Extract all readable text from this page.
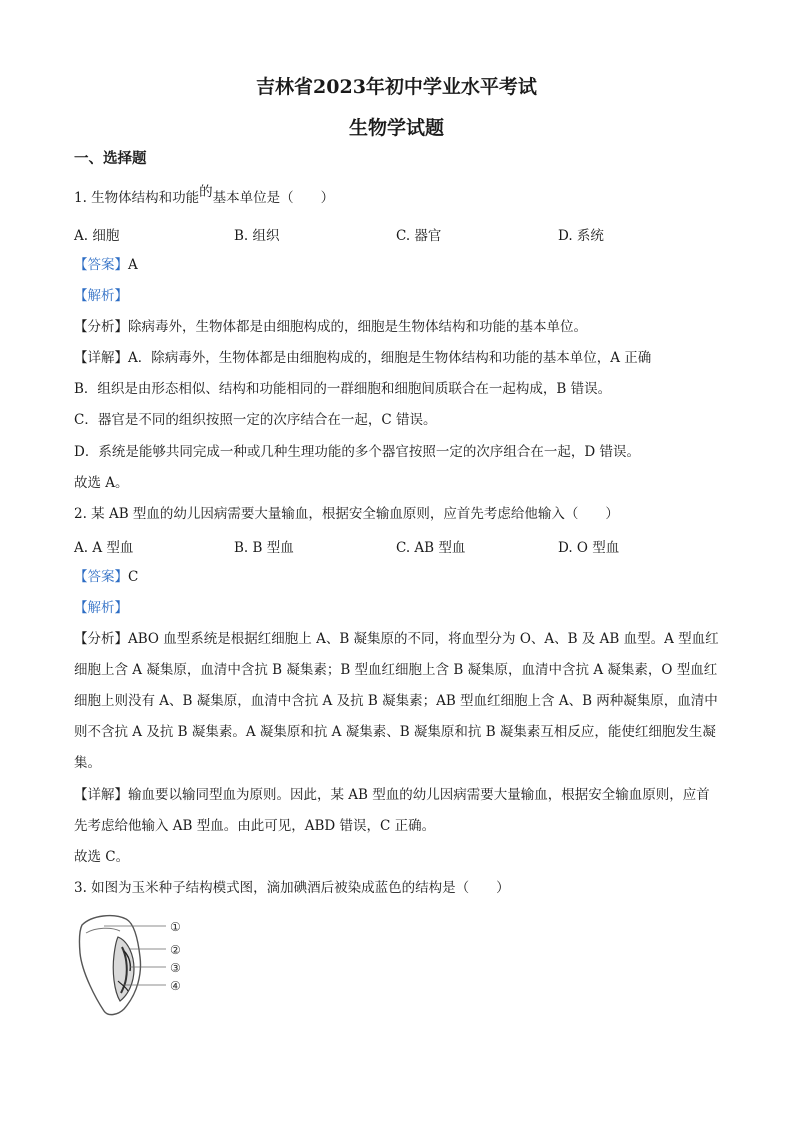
吉林省2023年初中学业水平考试
生物学试题
一、选择题
1. 生物体结构和功能的基本单位是（　　）
A. 细胞	B. 组织	C. 器官	D. 系统
【答案】A
【解析】
【分析】除病毒外，生物体都是由细胞构成的，细胞是生物体结构和功能的基本单位。
【详解】A．除病毒外，生物体都是由细胞构成的，细胞是生物体结构和功能的基本单位，A 正确
B．组织是由形态相似、结构和功能相同的一群细胞和细胞间质联合在一起构成，B 错误。
C．器官是不同的组织按照一定的次序结合在一起，C 错误。
D．系统是能够共同完成一种或几种生理功能的多个器官按照一定的次序组合在一起，D 错误。
故选 A。
2. 某 AB 型血的幼儿因病需要大量输血，根据安全输血原则，应首先考虑给他输入（　　）
A. A 型血	B. B 型血	C. AB 型血	D. O 型血
【答案】C
【解析】
【分析】ABO 血型系统是根据红细胞上 A、B 凝集原的不同，将血型分为 O、A、B 及 AB 血型。A 型血红
细胞上含 A 凝集原，血清中含抗 B 凝集素；B 型血红细胞上含 B 凝集原，血清中含抗 A 凝集素，O 型血红
细胞上则没有 A、B 凝集原，血清中含抗 A 及抗 B 凝集素；AB 型血红细胞上含 A、B 两种凝集原，血清中
则不含抗 A 及抗 B 凝集素。A 凝集原和抗 A 凝集素、B 凝集原和抗 B 凝集素互相反应，能使红细胞发生凝
集。
【详解】输血要以输同型血为原则。因此，某 AB 型血的幼儿因病需要大量输血，根据安全输血原则，应首
先考虑给他输入 AB 型血。由此可见，ABD 错误，C 正确。
故选 C。
3. 如图为玉米种子结构模式图，滴加碘酒后被染成蓝色的结构是（　　）
①
②
③
④
